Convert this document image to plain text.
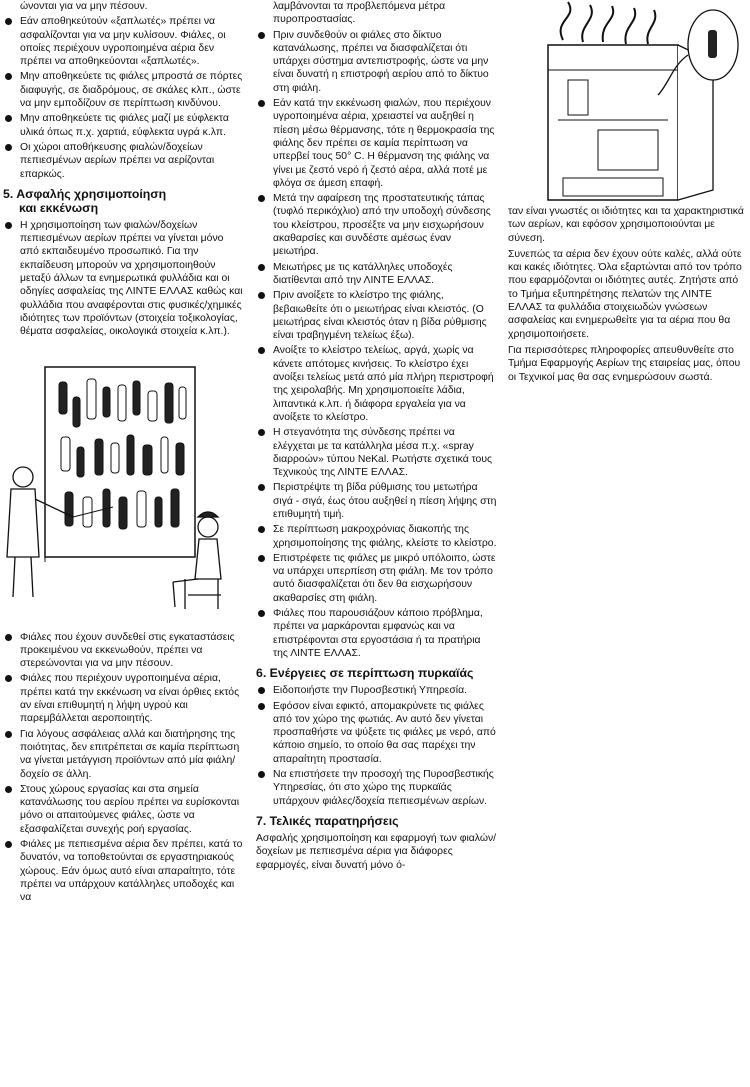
ώνονται για να μην πέσουν.
Εάν αποθηκεύτούν «ξαπλωτές» πρέπει να ασφαλίζονται για να μην κυλίσουν. Φιάλες, οι οποίες περιέχουν υγροποιημένα αέρια δεν πρέπει να αποθηκεύονται «ξαπλωτές».
Μην αποθηκεύετε τις φιάλες μπροστά σε πόρτες διαφυγής, σε διαδρόμους, σε σκάλες κλπ., ώστε να μην εμποδίζουν σε περίπτωση κινδύνου.
Μην αποθηκεύετε τις φιάλες μαζί με εύφλεκτα υλικά όπως π.χ. χαρτιά, εύφλεκτα υγρά κ.λπ.
Οι χώροι αποθήκευσης φιαλών/δοχείων πεπιεσμένων αερίων πρέπει να αερίζονται επαρκώς.
5. Ασφαλής χρησιμοποίηση
και εκκένωση
Η χρησιμοποίηση των φιαλών/δοχείων πεπιεσμένων αερίων πρέπει να γίνεται μόνο από εκπαιδευμένο προσωπικό. Για την εκπαίδευση μπορούν να χρησιμοποιηθούν μεταξύ άλλων τα ενημερωτικά φυλλάδια και οι οδηγίες ασφαλείας της ΛΙΝΤΕ ΕΛΛΑΣ καθώς και φυλλάδια που αναφέρονται στις φυσικές/χημικές ιδιότητες των προϊόντων (στοιχεία τοξικολογίας, θέματα ασφαλείας, οικολογικά στοιχεία κ.λπ.).
Φιάλες που έχουν συνδεθεί στις εγκαταστάσεις προκειμένου να εκκενωθούν, πρέπει να στερεώνονται για να μην πέσουν.
Φιάλες που περιέχουν υγροποιημένα αέρια, πρέπει κατά την εκκένωση να είναι όρθιες εκτός αν είναι επιθυμητή η λήψη υγρού και παρεμβάλλεται αεροποιητής.
Για λόγους ασφάλειας αλλά και διατήρησης της ποιότητας, δεν επιτρέπεται σε καμία περίπτωση να γίνεται μετάγγιση προϊόντων από μία φιάλη/δοχείο σε άλλη.
Στους χώρους εργασίας και στα σημεία κατανάλωσης του αερίου πρέπει να ευρίσκονται μόνο οι απαιτούμενες φιάλες, ώστε να εξασφαλίζεται συνεχής ροή εργασίας.
Φιάλες με πεπιεσμένα αέρια δεν πρέπει, κατά το δυνατόν, να τοποθετούνται σε εργαστηριακούς χώρους. Εάν όμως αυτό είναι απαραίτητο, τότε πρέπει να υπάρχουν κατάλληλες υποδοχές και να
λαμβάνονται τα προβλεπόμενα μέτρα πυροπροστασίας.
Πριν συνδεθούν οι φιάλες στο δίκτυο κατανάλωσης, πρέπει να διασφαλίζεται ότι υπάρχει σύστημα αντεπιστροφής, ώστε να μην είναι δυνατή η επιστροφή αερίου από το δίκτυο στη φιάλη.
Εάν κατά την εκκένωση φιαλών, που περιέχουν υγροποιημένα αέρια, χρειαστεί να αυξηθεί η πίεση μέσω θέρμανσης, τότε η θερμοκρασία της φιάλης δεν πρέπει σε καμία περίπτωση να υπερβεί τους 50° C. Η θέρμανση της φιάλης να γίνει με ζεστό νερό ή ζεστό αέρα, αλλά ποτέ με φλόγα σε άμεση επαφή.
Μετά την αφαίρεση της προστατευτικής τάπας (τυφλό περικόχλιο) από την υποδοχή σύνδεσης του κλείστρου, προσέξτε να μην εισχωρήσουν ακαθαρσίες και συνδέστε αμέσως έναν μειωτήρα.
Μειωτήρες με τις κατάλληλες υποδοχές διατίθενται από την ΛΙΝΤΕ ΕΛΛΑΣ.
Πριν ανοίξετε το κλείστρο της φιάλης, βεβαιωθείτε ότι ο μειωτήρας είναι κλειστός. (Ο μειωτήρας είναι κλειστός όταν η βίδα ρύθμισης είναι τραβηγμένη τελείως έξω).
Ανοίξτε το κλείστρο τελείως, αργά, χωρίς να κάνετε απότομες κινήσεις. Το κλείστρο έχει ανοίξει τελείως μετά από μία πλήρη περιστροφή της χειρολαβής. Μη χρησιμοποιείτε λάδια, λιπαντικά κ.λπ. ή διάφορα εργαλεία για να ανοίξετε το κλείστρο.
Η στεγανότητα της σύνδεσης πρέπει να ελέγχεται με τα κατάλληλα μέσα π.χ. «spray διαρροών» τύπου NeKal. Ρωτήστε σχετικά τους Τεχνικούς της ΛΙΝΤΕ ΕΛΛΑΣ.
Περιστρέψτε τη βίδα ρύθμισης του μετωτήρα σιγά - σιγά, έως ότου αυξηθεί η πίεση λήψης στη επιθυμητή τιμή.
Σε περίπτωση μακροχρόνιας διακοπής της χρησιμοποίησης της φιάλης, κλείστε το κλείστρο.
Επιστρέφετε τις φιάλες με μικρό υπόλοιπο, ώστε να υπάρχει υπερπίεση στη φιάλη. Με τον τρόπο αυτό διασφαλίζεται ότι δεν θα εισχωρήσουν ακαθαρσίες στη φιάλη.
Φιάλες που παρουσιάζουν κάποιο πρόβλημα, πρέπει να μαρκάρονται εμφανώς και να επιστρέφονται στα εργοστάσια ή τα πρατήρια της ΛΙΝΤΕ ΕΛΛΑΣ.
6. Ενέργειες σε περίπτωση πυρκαϊάς
Ειδοποιήστε την Πυροσβεστική Υπηρεσία.
Εφόσον είναι εφικτό, απομακρύνετε τις φιάλες από τον χώρο της φωτιάς. Αν αυτό δεν γίνεται προσπαθήστε να ψύξετε τις φιάλες με νερό, από κάποιο σημείο, το οποίο θα σας παρέχει την απαραίτητη προστασία.
Να επιστήσετε την προσοχή της Πυροσβεστικής Υπηρεσίας, ότι στο χώρο της πυρκαϊάς υπάρχουν φιάλες/δοχεία πεπιεσμένων αερίων.
7. Τελικές παρατηρήσεις

Ασφαλής χρησιμοποίηση και εφαρμογή των φιαλών/δοχείων με πεπιεσμένα αέρια για διάφορες εφαρμογές, είναι δυνατή μόνο ό-

ταν είναι γνωστές οι ιδιότητες και τα χαρακτηριστικά των αερίων, και εφόσον χρησιμοποιούνται με σύνεση.

Συνεπώς τα αέρια δεν έχουν ούτε καλές, αλλά ούτε και κακές ιδιότητες. Όλα εξαρτώνται από τον τρόπο που εφαρμόζονται οι ιδιότητες αυτές. Ζητήστε από το Τμήμα εξυπηρέτησης πελατών της ΛΙΝΤΕ ΕΛΛΑΣ τα φυλλάδια στοιχειωδών γνώσεων ασφαλείας και ενημερωθείτε για τα αέρια που θα χρησιμοποιήσετε.

Για περισσότερες πληροφορίες απευθυνθείτε στο Τμήμα Εφαρμογής Αερίων της εταιρείας μας, όπου οι Τεχνικοί μας θα σας ενημερώσουν σωστά.
